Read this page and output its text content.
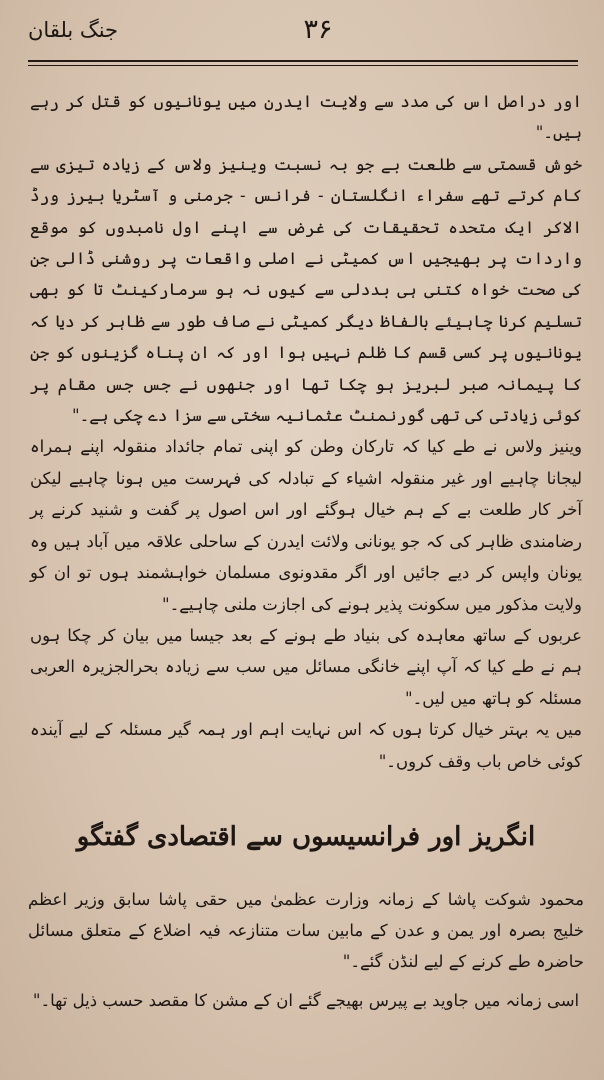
جنگ بلقان	۳۶

اور دراصل اس کی مدد سے ولایت ایدرن میں یونانیوں کو قتل کر رہے ہیں۔"

خوش قسمتی سے طلعت بے جو بہ نسبت وینیز ولاس کے زیادہ تیزی سے کام کرتے تھے سفراء انگلستان - فرانس - جرمنی و آسٹریا بیرز ورڈ الاکر ایک متحدہ تحقیقات کی غرض سے اپنے اول نامبدوں کو موقع واردات پر بھیجیں اس کمیٹی نے اصلی واقعات پر روشنی ڈالی جن کی صحت خواہ کتنی ہی بددلی سے کیوں نہ ہو سرمارکینٹ تا کو بھی تسلیم کرنا چاہیئے بالفاظ دیگر کمیٹی نے صاف طور سے ظاہر کر دیا کہ یونانیوں پر کسی قسم کا ظلم نہیں ہوا اور کہ ان پناہ گزینوں کو جن کا پیمانہ صبر لبریز ہو چکا تھا اور جنھوں نے جس جس مقام پر کوئی زیادتی کی تھی گورنمنٹ عثمانیہ سختی سے سزا دے چکی ہے۔"

وینیز ولاس نے طے کیا کہ تارکان وطن کو اپنی تمام جائداد منقولہ اپنے ہمراہ لیجانا چاہیے اور غیر منقولہ اشیاء کے تبادلہ کی فہرست میں ہونا چاہیے لیکن آخر کار طلعت بے کے ہم خیال ہوگئے اور اس اصول پر گفت و شنید کرنے پر رضامندی ظاہر کی کہ جو یونانی ولائت ایدرن کے ساحلی علاقہ میں آباد ہیں وہ یونان واپس کر دیے جائیں اور اگر مقدونوی مسلمان خواہشمند ہوں تو ان کو ولایت مذکور میں سکونت پذیر ہونے کی اجازت ملنی چاہیے۔"

عربوں کے ساتھ معاہدہ کی بنیاد طے ہونے کے بعد جیسا میں بیان کر چکا ہوں ہم نے طے کیا کہ آپ اپنے خانگی مسائل میں سب سے زیادہ بحرالجزیرہ العربی مسئلہ کو ہاتھ میں لیں۔"

میں یہ بہتر خیال کرتا ہوں کہ اس نہایت اہم اور ہمہ گیر مسئلہ کے لیے آیندہ کوئی خاص باب وقف کروں۔"

انگریز اور فرانسیسوں سے اقتصادی گفتگو

محمود شوکت پاشا کے زمانہ وزارت عظمیٰ میں حقی پاشا سابق وزیر اعظم خلیج بصرہ اور یمن و عدن کے مابین سات متنازعہ فیہ اضلاع کے متعلق مسائل حاضرہ طے کرنے کے لیے لنڈن گئے۔"

اسی زمانہ میں جاوید بے پیرس بھیجے گئے ان کے مشن کا مقصد حسب ذیل تھا۔"
